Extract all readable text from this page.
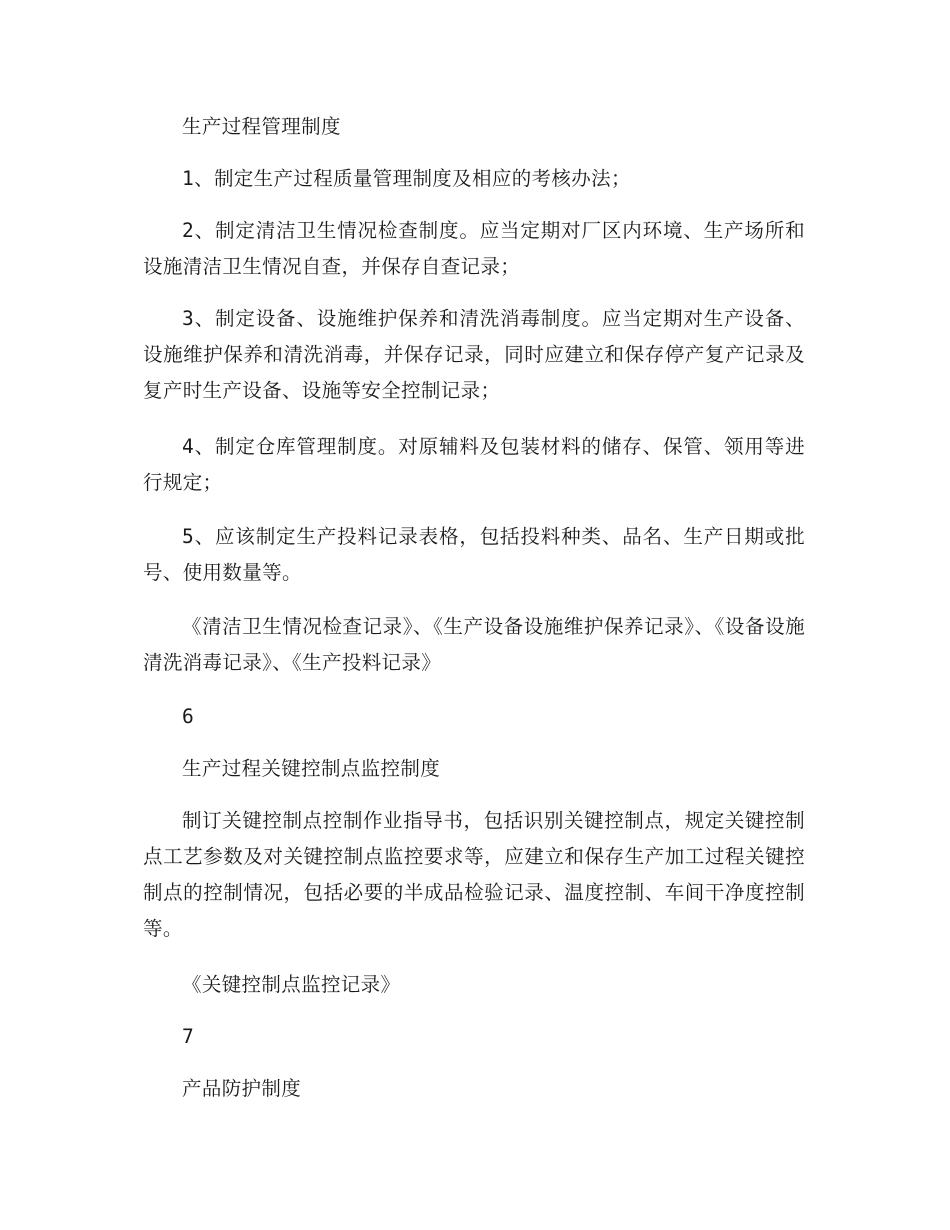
生产过程管理制度

1、制定生产过程质量管理制度及相应的考核办法；

2、制定清洁卫生情况检查制度。应当定期对厂区内环境、生产场所和设施清洁卫生情况自查，并保存自查记录；

3、制定设备、设施维护保养和清洗消毒制度。应当定期对生产设备、设施维护保养和清洗消毒，并保存记录，同时应建立和保存停产复产记录及复产时生产设备、设施等安全控制记录；

4、制定仓库管理制度。对原辅料及包装材料的储存、保管、领用等进行规定；

5、应该制定生产投料记录表格，包括投料种类、品名、生产日期或批号、使用数量等。

《清洁卫生情况检查记录》、《生产设备设施维护保养记录》、《设备设施清洗消毒记录》、《生产投料记录》

6

生产过程关键控制点监控制度

制订关键控制点控制作业指导书，包括识别关键控制点，规定关键控制点工艺参数及对关键控制点监控要求等，应建立和保存生产加工过程关键控制点的控制情况，包括必要的半成品检验记录、温度控制、车间干净度控制等。

《关键控制点监控记录》

7

产品防护制度
